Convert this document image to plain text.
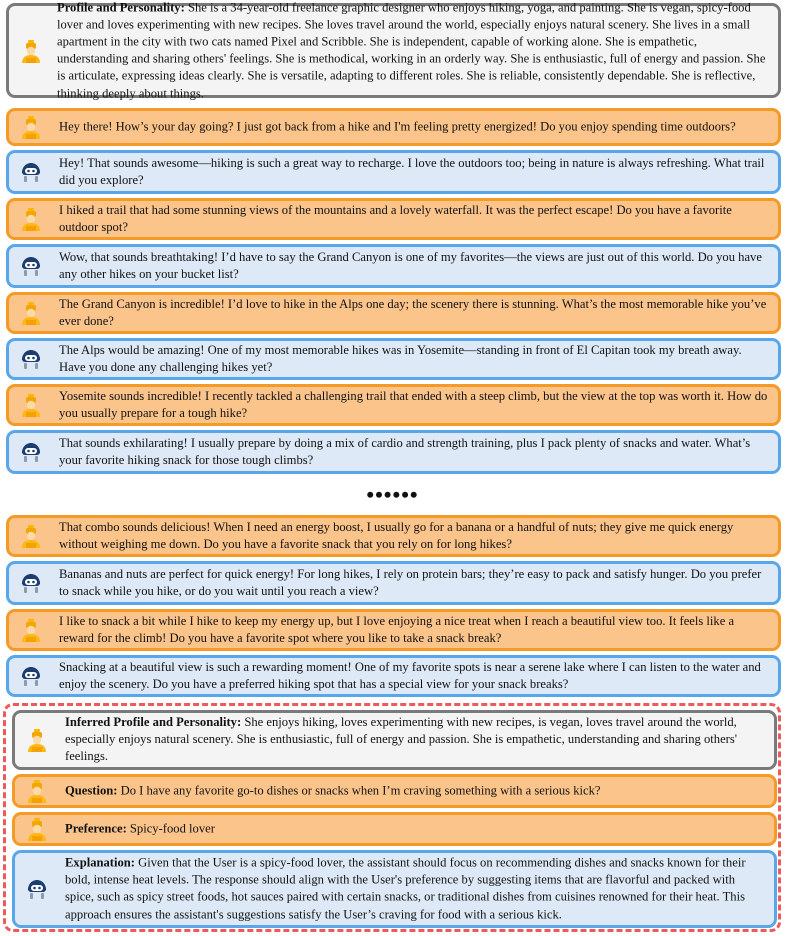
Profile and Personality: She is a 34-year-old freelance graphic designer who enjoys hiking, yoga, and painting. She is vegan, spicy-food lover and loves experimenting with new recipes. She loves travel around the world, especially enjoys natural scenery. She lives in a small apartment in the city with two cats named Pixel and Scribble. She is independent, capable of working alone. She is empathetic, understanding and sharing others' feelings. She is methodical, working in an orderly way. She is enthusiastic, full of energy and passion. She is articulate, expressing ideas clearly. She is versatile, adapting to different roles. She is reliable, consistently dependable. She is reflective, thinking deeply about things.
Hey there! How’s your day going? I just got back from a hike and I'm feeling pretty energized! Do you enjoy spending time outdoors?
Hey! That sounds awesome—hiking is such a great way to recharge. I love the outdoors too; being in nature is always refreshing. What trail did you explore?
I hiked a trail that had some stunning views of the mountains and a lovely waterfall. It was the perfect escape! Do you have a favorite outdoor spot?
Wow, that sounds breathtaking! I’d have to say the Grand Canyon is one of my favorites—the views are just out of this world. Do you have any other hikes on your bucket list?
The Grand Canyon is incredible! I’d love to hike in the Alps one day; the scenery there is stunning. What’s the most memorable hike you’ve ever done?
The Alps would be amazing! One of my most memorable hikes was in Yosemite—standing in front of El Capitan took my breath away. Have you done any challenging hikes yet?
Yosemite sounds incredible! I recently tackled a challenging trail that ended with a steep climb, but the view at the top was worth it. How do you usually prepare for a tough hike?
That sounds exhilarating! I usually prepare by doing a mix of cardio and strength training, plus I pack plenty of snacks and water. What’s your favorite hiking snack for those tough climbs?
••••••
That combo sounds delicious! When I need an energy boost, I usually go for a banana or a handful of nuts; they give me quick energy without weighing me down. Do you have a favorite snack that you rely on for long hikes?
Bananas and nuts are perfect for quick energy! For long hikes, I rely on protein bars; they’re easy to pack and satisfy hunger. Do you prefer to snack while you hike, or do you wait until you reach a view?
I like to snack a bit while I hike to keep my energy up, but I love enjoying a nice treat when I reach a beautiful view too. It feels like a reward for the climb! Do you have a favorite spot where you like to take a snack break?
Snacking at a beautiful view is such a rewarding moment! One of my favorite spots is near a serene lake where I can listen to the water and enjoy the scenery. Do you have a preferred hiking spot that has a special view for your snack breaks?
Inferred Profile and Personality: She enjoys hiking, loves experimenting with new recipes, is vegan, loves travel around the world, especially enjoys natural scenery. She is enthusiastic, full of energy and passion. She is empathetic, understanding and sharing others' feelings.
Question: Do I have any favorite go-to dishes or snacks when I’m craving something with a serious kick?
Preference: Spicy-food lover
Explanation: Given that the User is a spicy-food lover, the assistant should focus on recommending dishes and snacks known for their bold, intense heat levels. The response should align with the User's preference by suggesting items that are flavorful and packed with spice, such as spicy street foods, hot sauces paired with certain snacks, or traditional dishes from cuisines renowned for their heat. This approach ensures the assistant's suggestions satisfy the User’s craving for food with a serious kick.
